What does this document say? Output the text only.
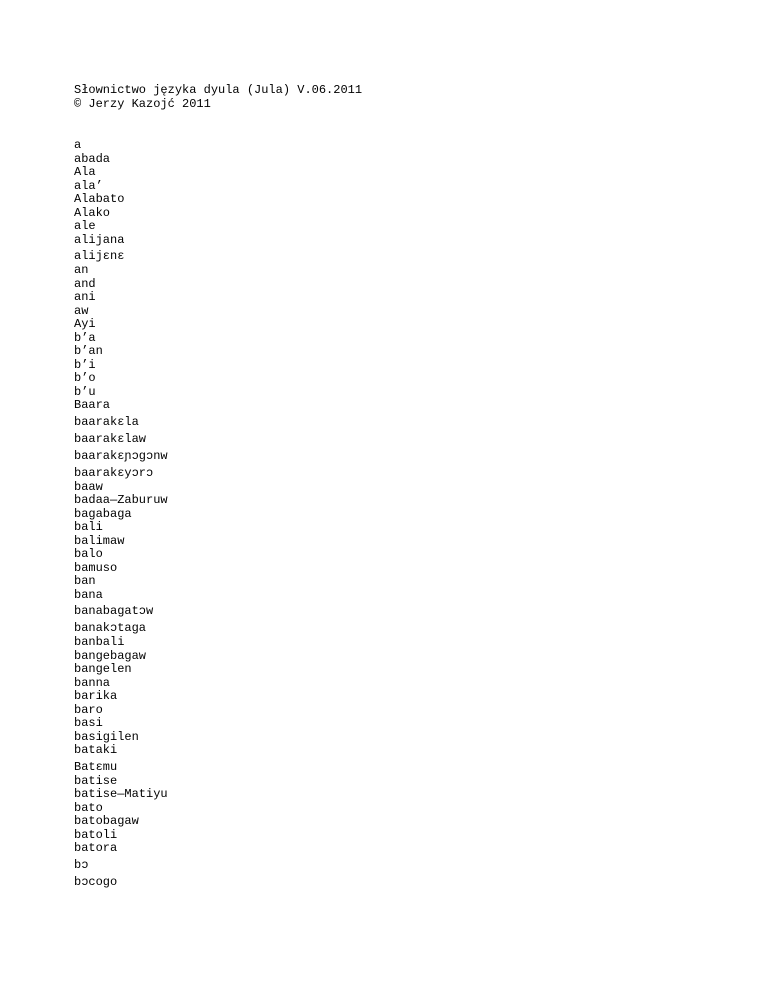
Słownictwo języka dyula (Jula) V.06.2011
© Jerzy Kazojć 2011
a
abada
Ala
ala’
Alabato
Alako
ale
alijana
alijɛnɛ
an
and
ani
aw
Ayi
b’a
b’an
b’i
b’o
b’u
Baara
baarakɛla
baarakɛlaw
baarakɛɲɔgɔnw
baarakɛyɔrɔ
baaw
badaa—Zaburuw
bagabaga
bali
balimaw
balo
bamuso
ban
bana
banabagatɔw
banakɔtaga
banbali
bangebagaw
bangelen
banna
barika
baro
basi
basigilen
bataki
Batɛmu
batise
batise—Matiyu
bato
batobagaw
batoli
batora
bɔ
bɔcogo
